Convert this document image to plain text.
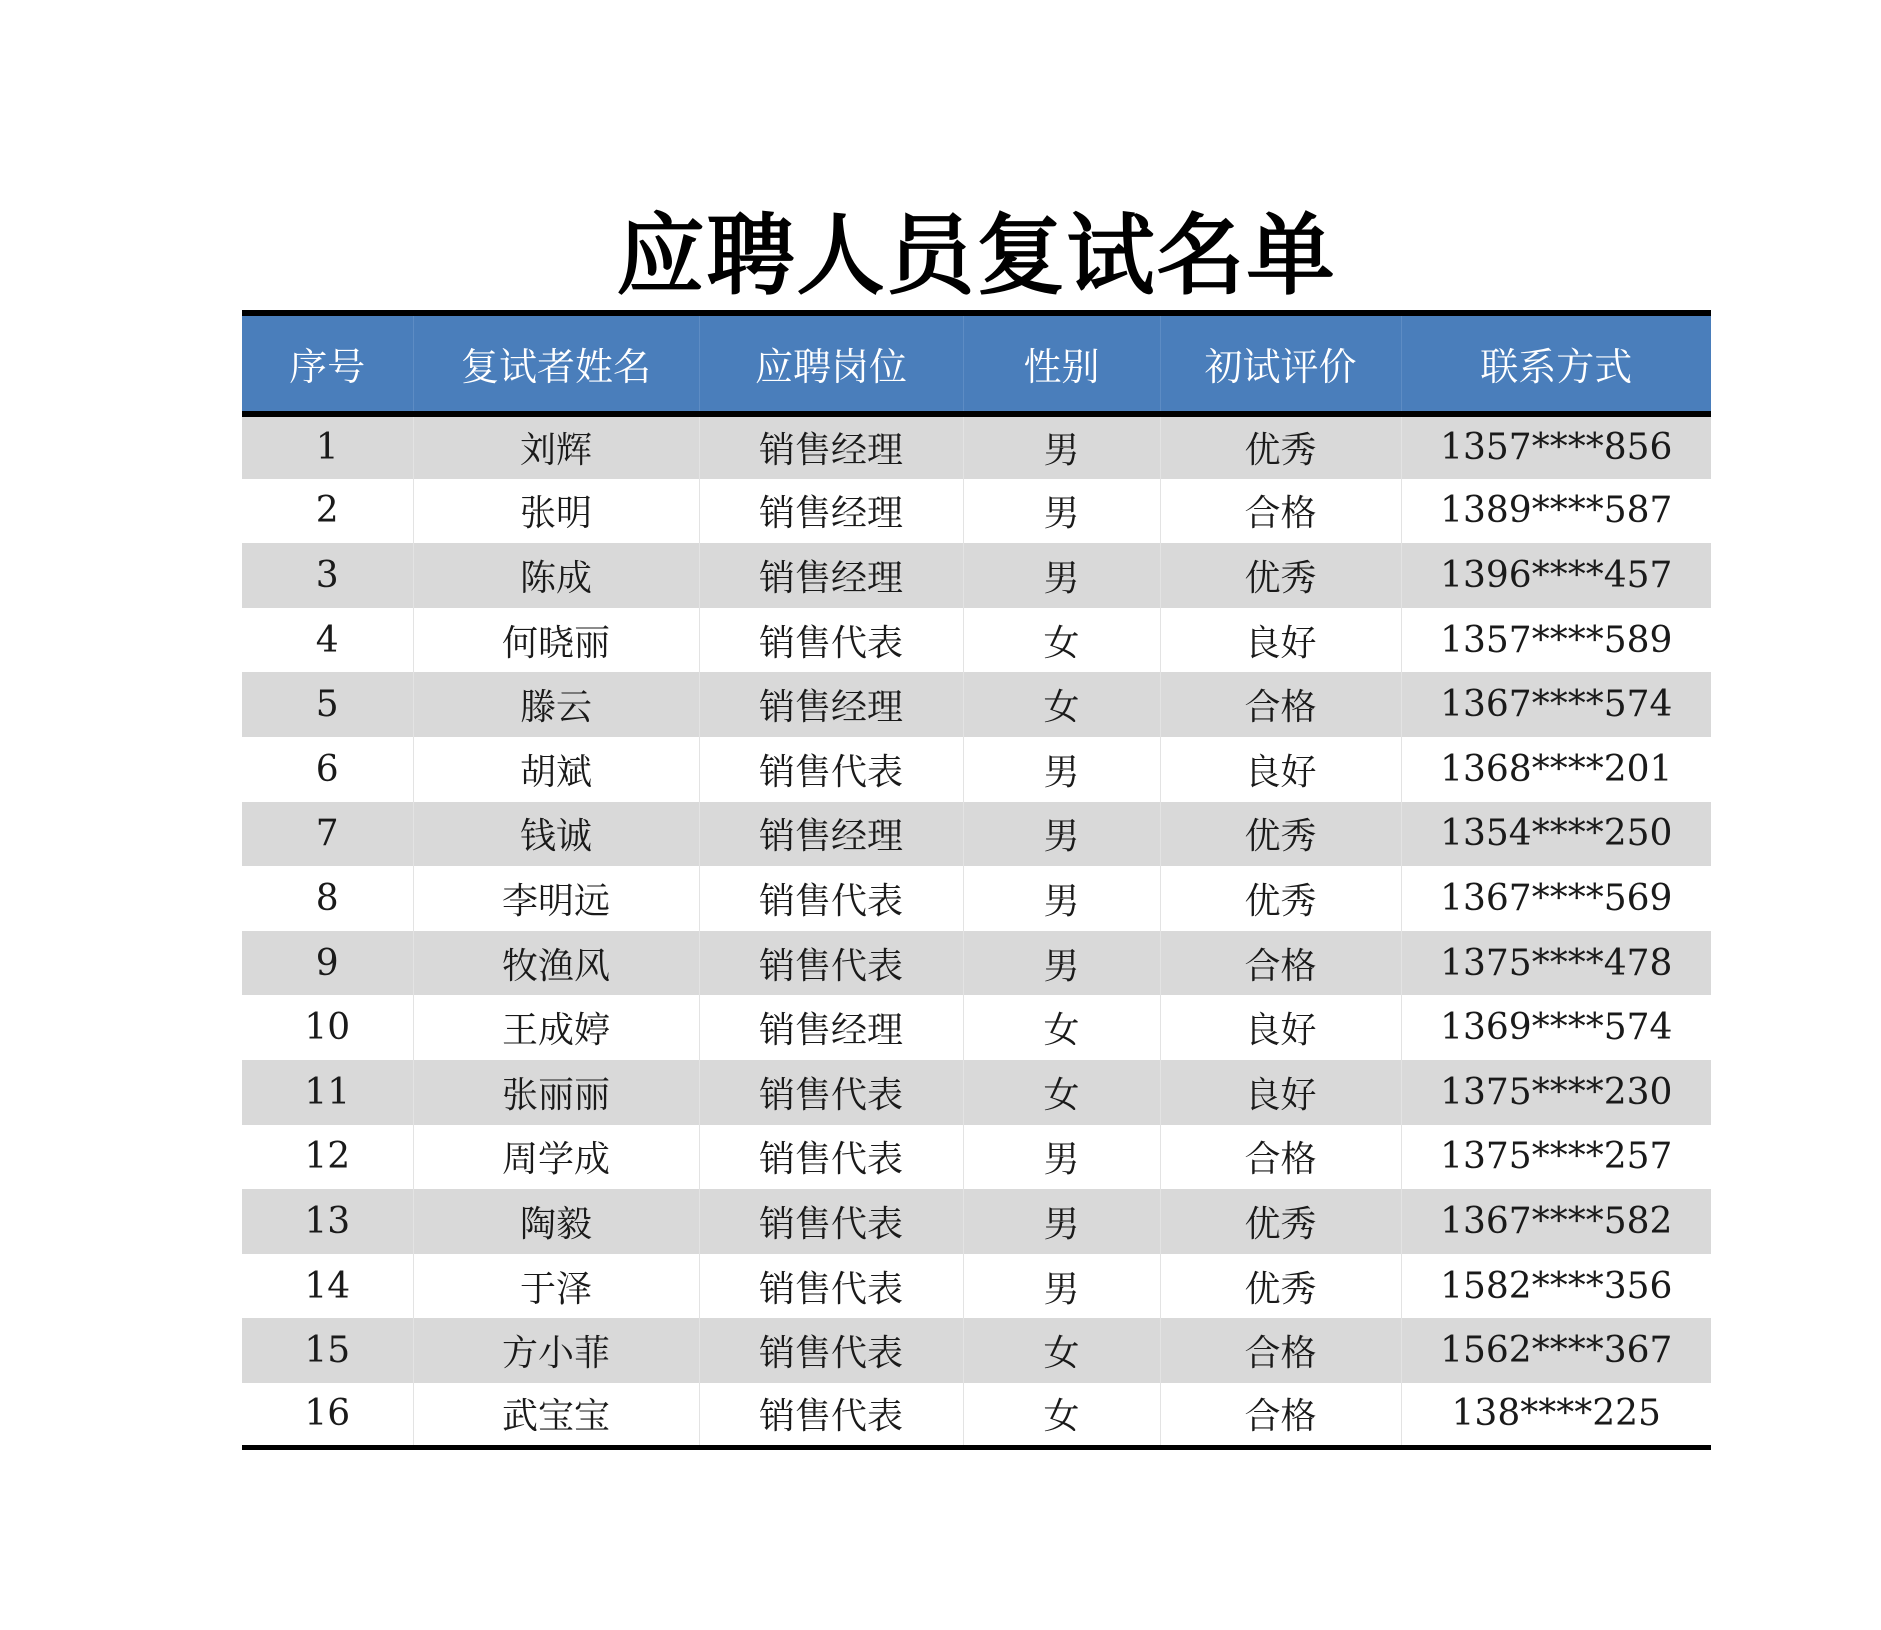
应聘人员复试名单
序号	复试者姓名	应聘岗位	性别	初试评价	联系方式
1	刘辉	销售经理	男	优秀	1357****856
2	张明	销售经理	男	合格	1389****587
3	陈成	销售经理	男	优秀	1396****457
4	何晓丽	销售代表	女	良好	1357****589
5	滕云	销售经理	女	合格	1367****574
6	胡斌	销售代表	男	良好	1368****201
7	钱诚	销售经理	男	优秀	1354****250
8	李明远	销售代表	男	优秀	1367****569
9	牧渔风	销售代表	男	合格	1375****478
10	王成婷	销售经理	女	良好	1369****574
11	张丽丽	销售代表	女	良好	1375****230
12	周学成	销售代表	男	合格	1375****257
13	陶毅	销售代表	男	优秀	1367****582
14	于泽	销售代表	男	优秀	1582****356
15	方小菲	销售代表	女	合格	1562****367
16	武宝宝	销售代表	女	合格	138****225
